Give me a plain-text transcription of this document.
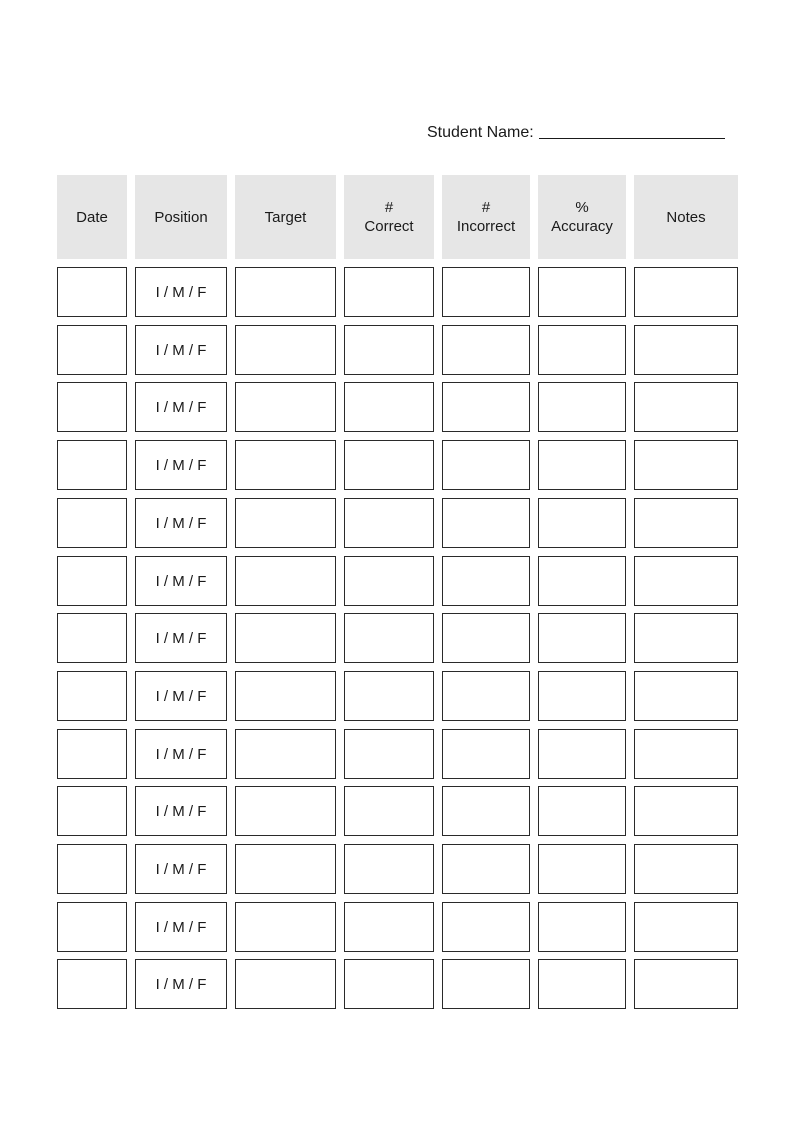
Student Name:
Date	Position	Target
#
Correct
#
Incorrect
%
Accuracy
Notes
I / M / F
I / M / F
I / M / F
I / M / F
I / M / F
I / M / F
I / M / F
I / M / F
I / M / F
I / M / F
I / M / F
I / M / F
I / M / F
